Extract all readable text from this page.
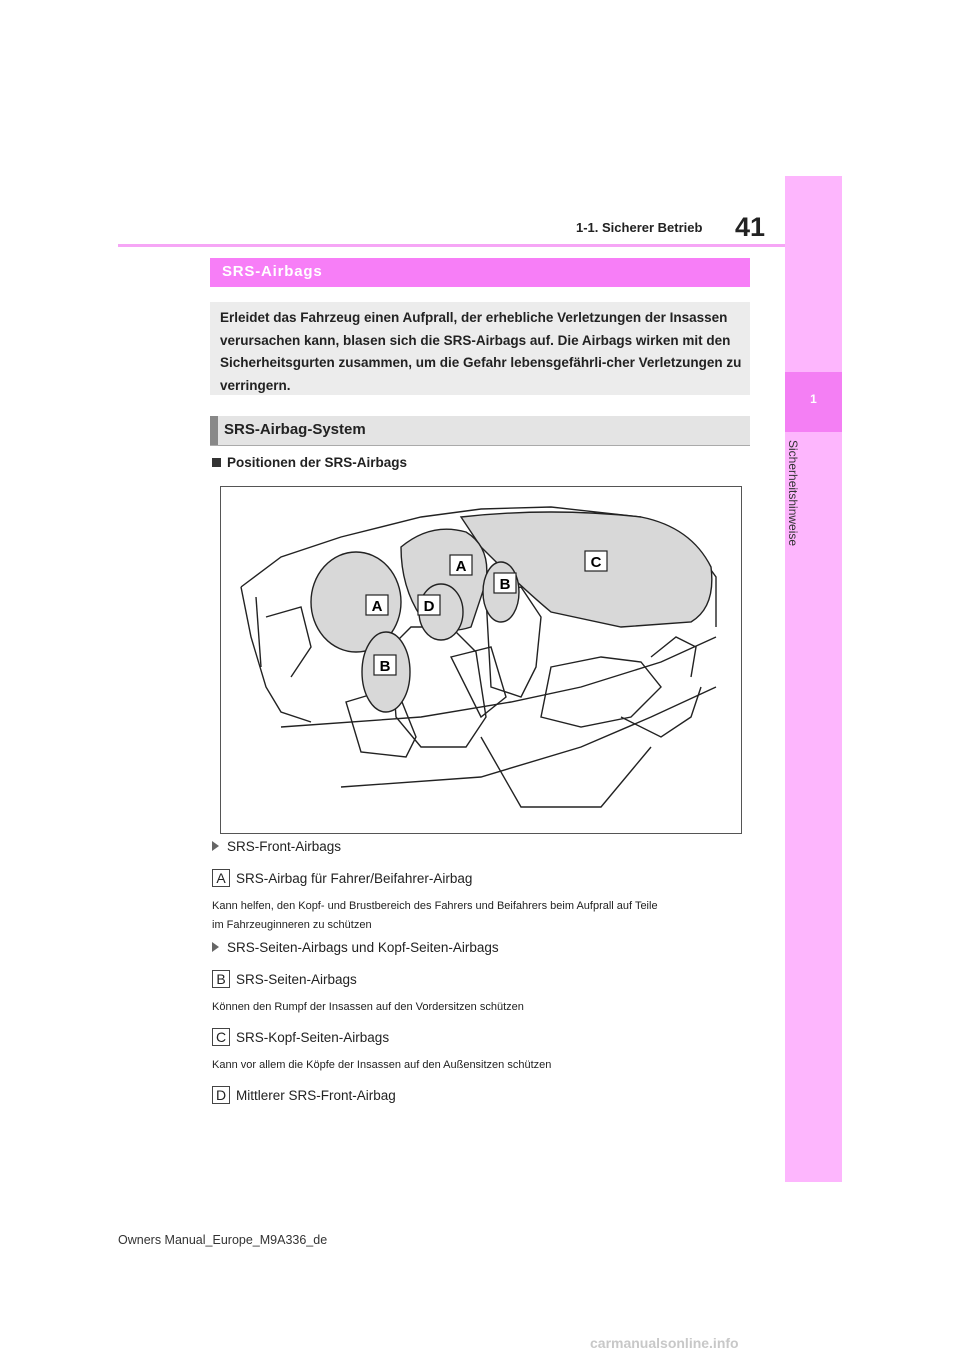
41
1-1. Sicherer Betrieb
1
Sicherheitshinweise
SRS-Airbags
Erleidet das Fahrzeug einen Aufprall, der erhebliche Verletzungen der Insassen verursachen kann, blasen sich die SRS-Airbags auf. Die Airbags wirken mit den Sicherheitsgurten zusammen, um die Gefahr lebensgefährli-cher Verletzungen zu verringern.
SRS-Airbag-System
Positionen der SRS-Airbags
A
A
B
B
C
D
SRS-Front-Airbags
A SRS-Airbag für Fahrer/Beifahrer-Airbag
Kann helfen, den Kopf- und Brustbereich des Fahrers und Beifahrers beim Aufprall auf Teile
im Fahrzeuginneren zu schützen
SRS-Seiten-Airbags und Kopf-Seiten-Airbags
B SRS-Seiten-Airbags
Können den Rumpf der Insassen auf den Vordersitzen schützen
C SRS-Kopf-Seiten-Airbags
Kann vor allem die Köpfe der Insassen auf den Außensitzen schützen
D Mittlerer SRS-Front-Airbag
Owners Manual_Europe_M9A336_de
carmanualsonline.info
